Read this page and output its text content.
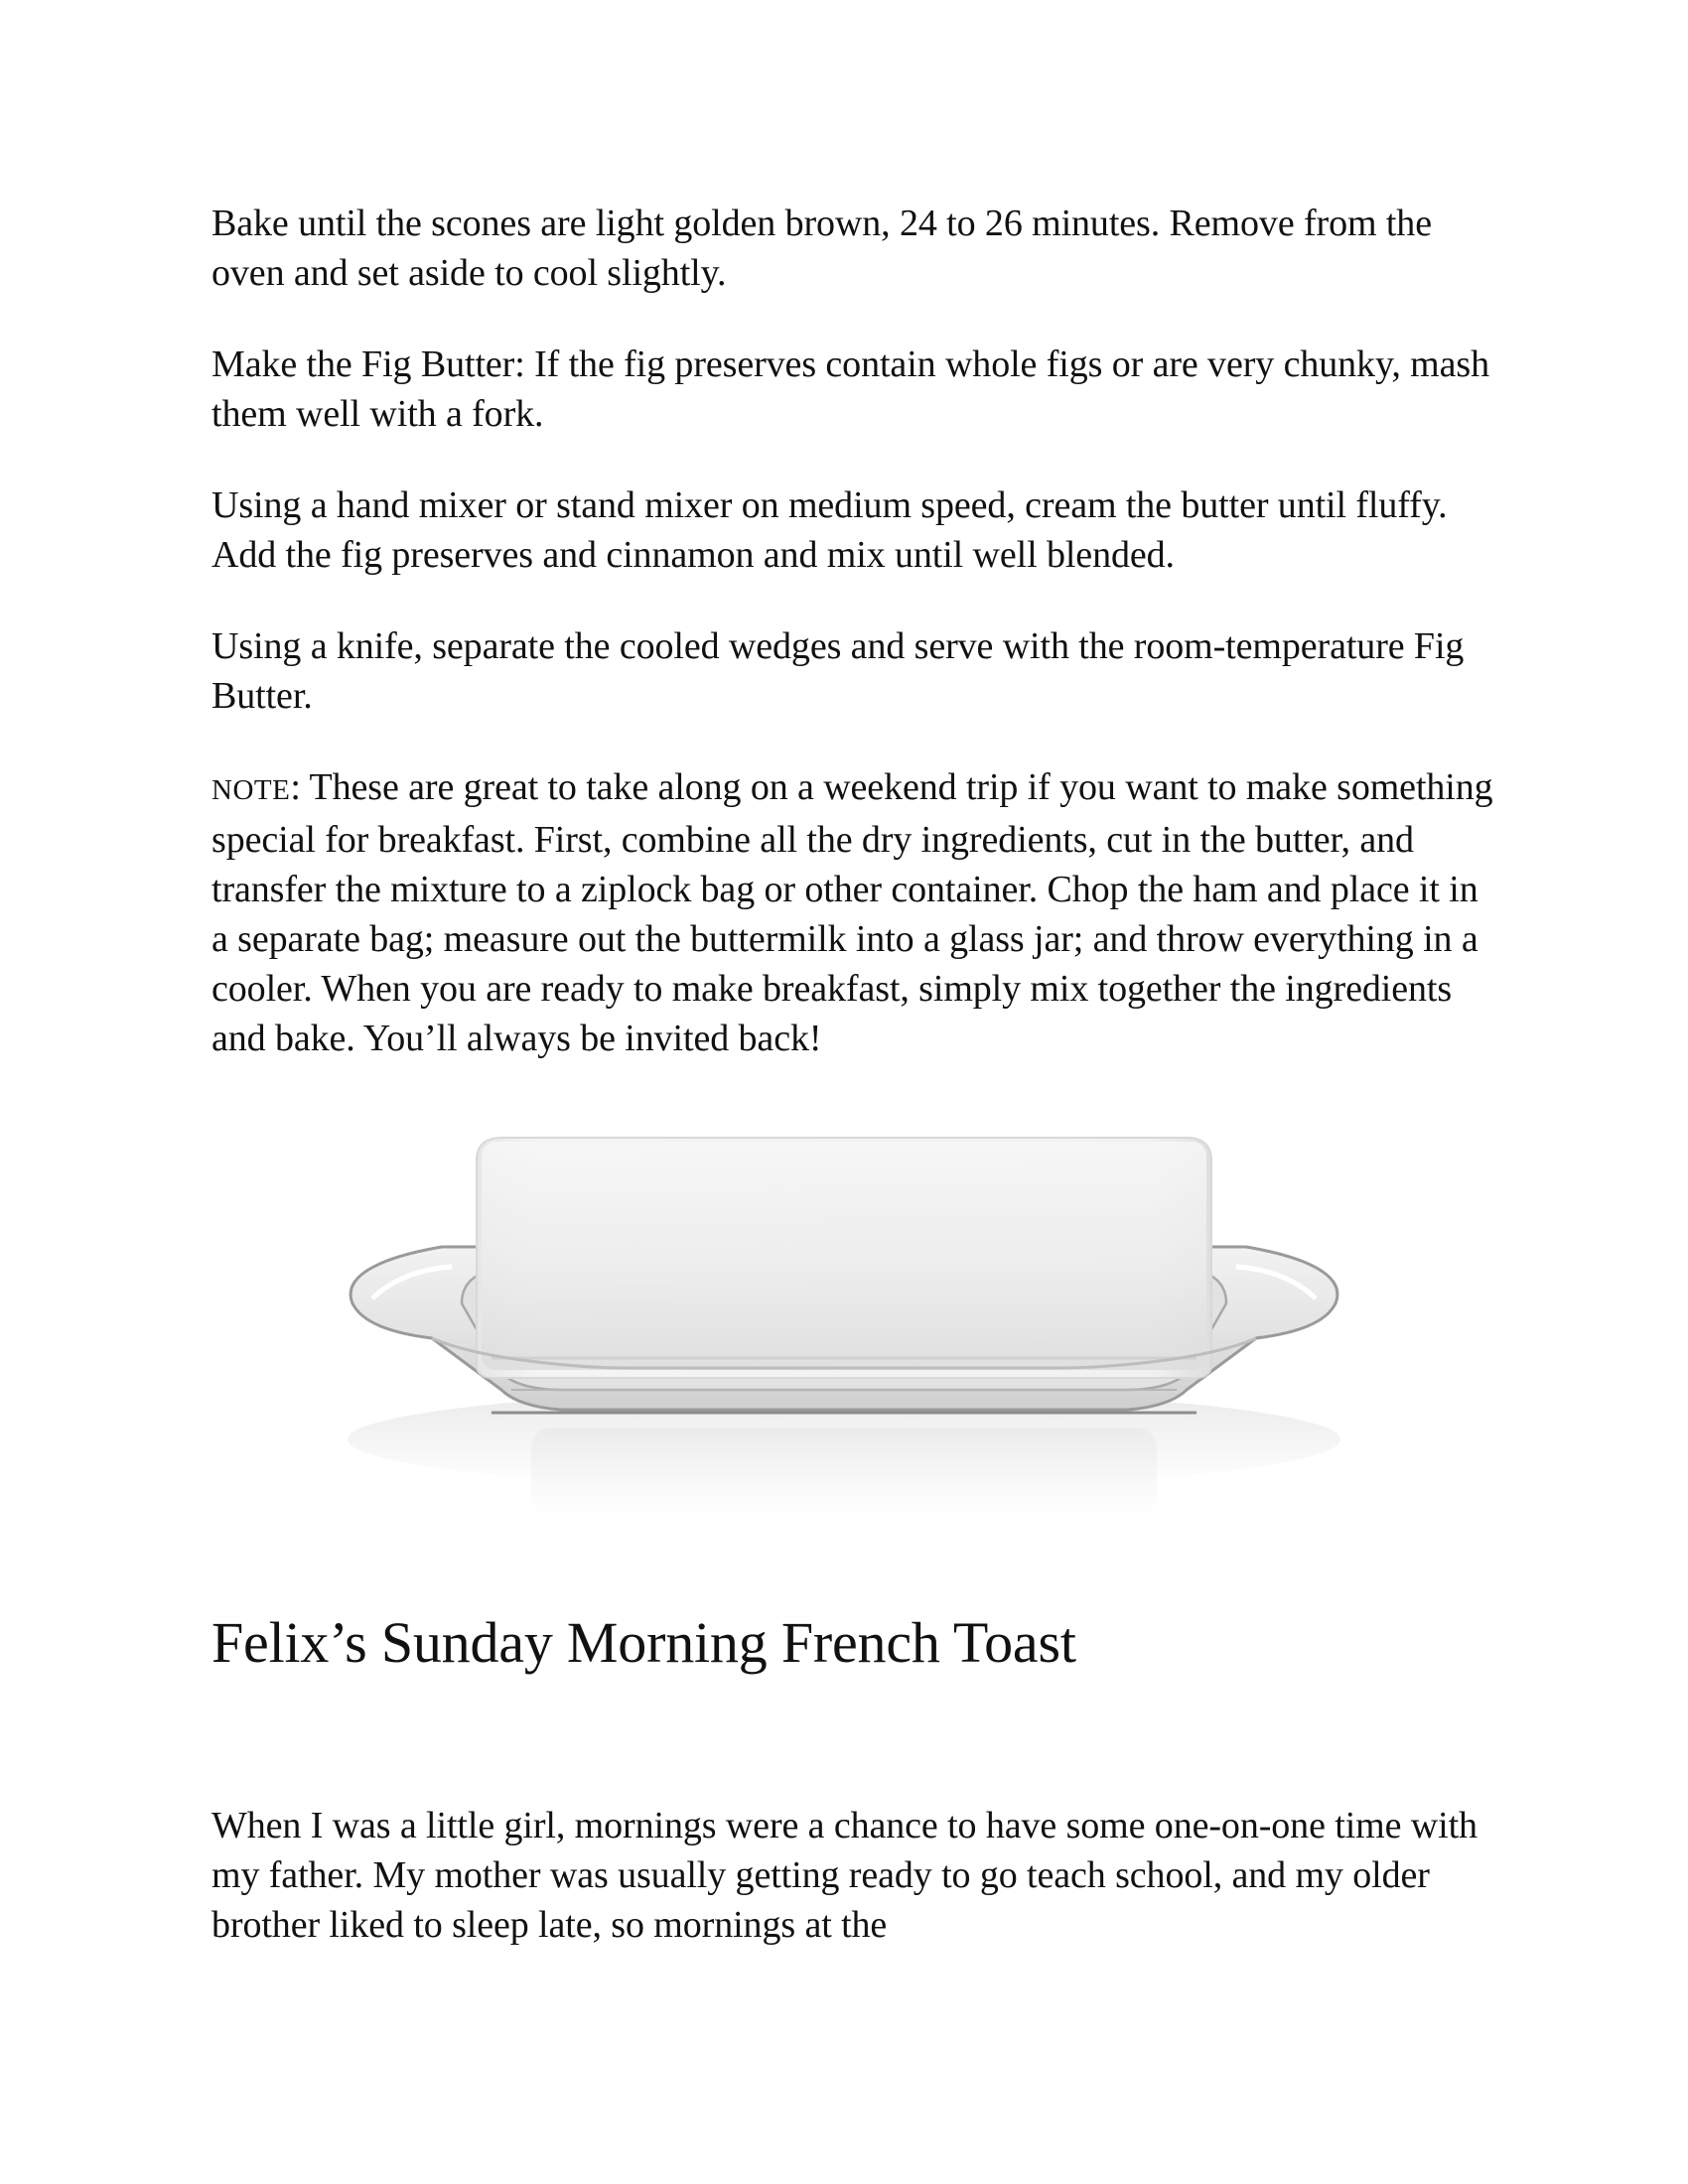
Bake until the scones are light golden brown, 24 to 26 minutes. Remove from the oven and set aside to cool slightly.

Make the Fig Butter: If the fig preserves contain whole figs or are very chunky, mash them well with a fork.

Using a hand mixer or stand mixer on medium speed, cream the butter until fluffy. Add the fig preserves and cinnamon and mix until well blended.

Using a knife, separate the cooled wedges and serve with the room-temperature Fig Butter.

NOTE: These are great to take along on a weekend trip if you want to make something special for breakfast. First, combine all the dry ingredients, cut in the butter, and transfer the mixture to a ziplock bag or other container. Chop the ham and place it in a separate bag; measure out the buttermilk into a glass jar; and throw everything in a cooler. When you are ready to make breakfast, simply mix together the ingredients and bake. You’ll always be invited back!

Felix’s Sunday Morning French Toast

When I was a little girl, mornings were a chance to have some one-on-one time with my father. My mother was usually getting ready to go teach school, and my older brother liked to sleep late, so mornings at the
